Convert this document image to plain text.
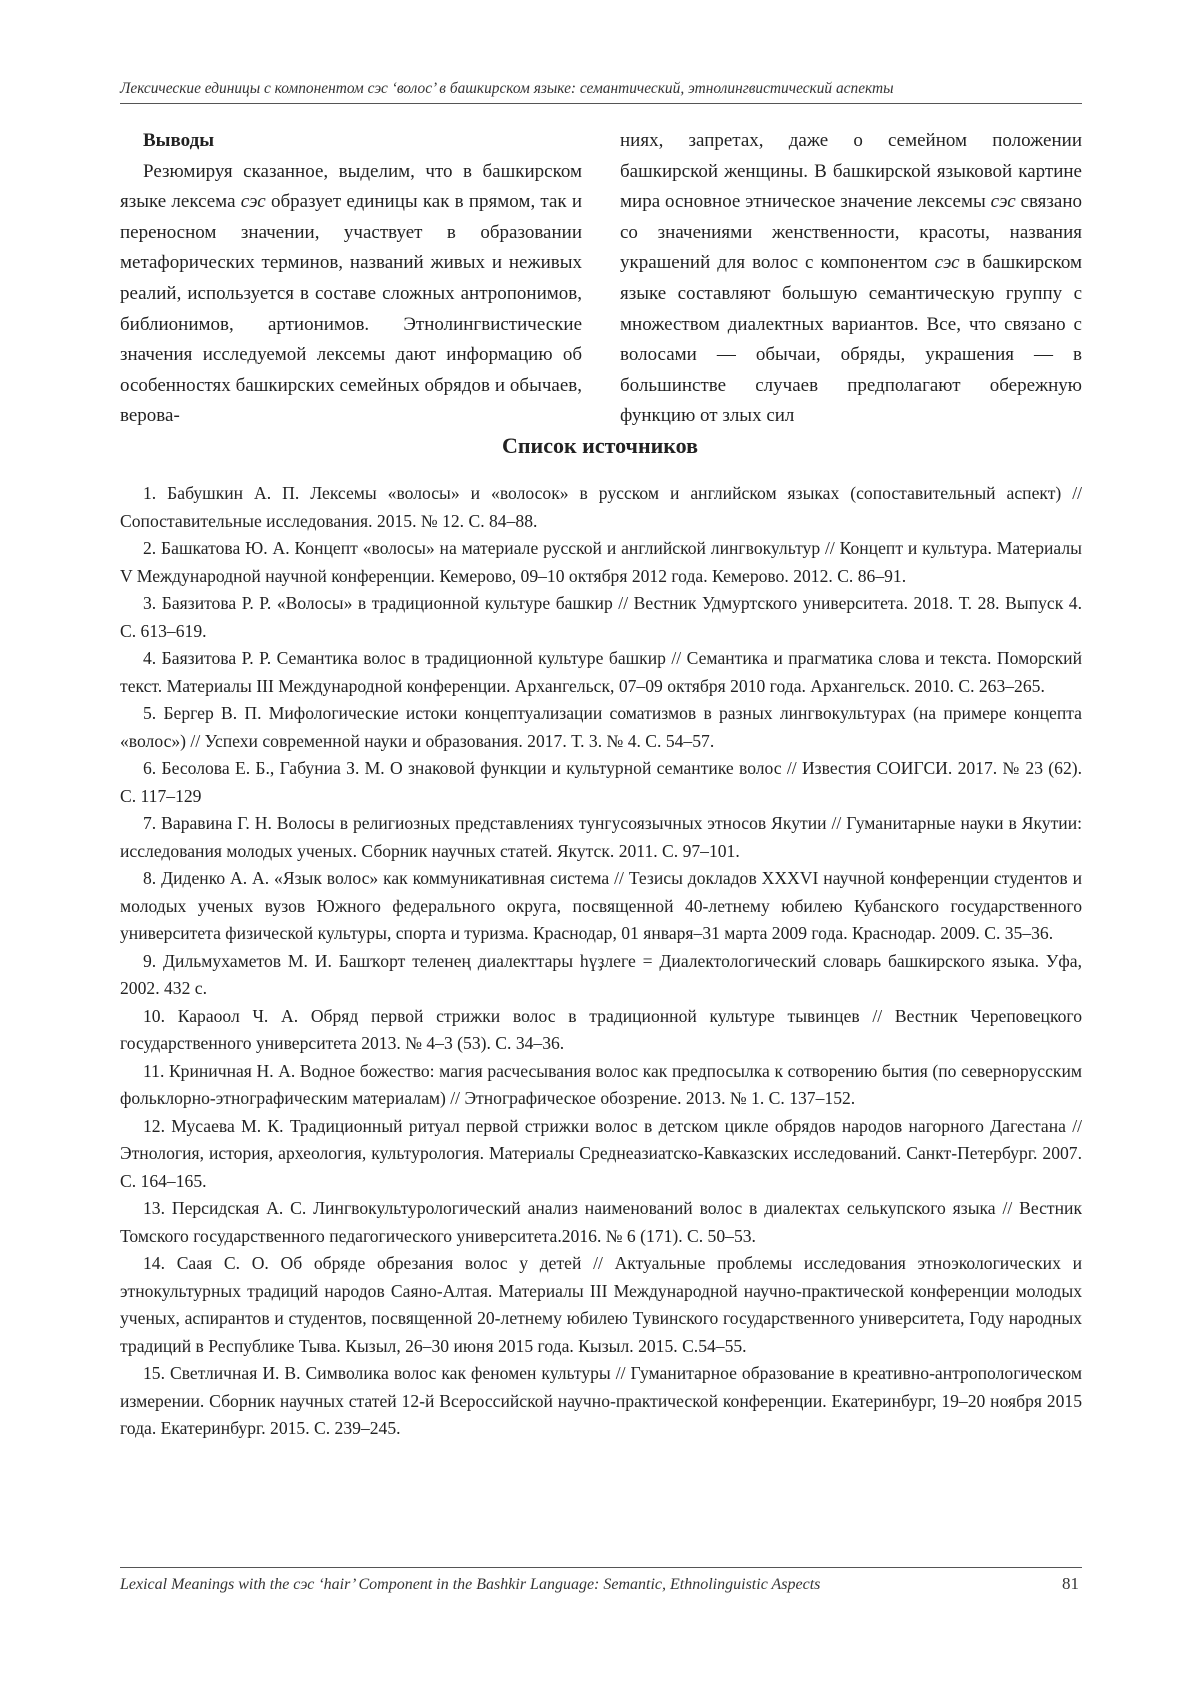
Лексические единицы с компонентом сэс ‘волос’ в башкирском языке: семантический, этнолингвистический аспекты

Выводы

Резюмируя сказанное, выделим, что в башкирском языке лексема сэс образует единицы как в прямом, так и переносном значении, участвует в образовании метафорических терминов, названий живых и неживых реалий, используется в составе сложных антропонимов, библионимов, артионимов. Этнолингвистические значения исследуемой лексемы дают информацию об особенностях башкирских семейных обрядов и обычаев, верова-

ниях, запретах, даже о семейном положении башкирской женщины. В башкирской языковой картине мира основное этническое значение лексемы сэс связано со значениями женственности, красоты, названия украшений для волос с компонентом сэс в башкирском языке составляют большую семантическую группу с множеством диалектных вариантов. Все, что связано с волосами — обычаи, обряды, украшения — в большинстве случаев предполагают обережную функцию от злых сил

Список источников

1. Бабушкин А. П. Лексемы «волосы» и «волосок» в русском и английском языках (сопоставительный аспект) // Сопоставительные исследования. 2015. № 12. С. 84–88.

2. Башкатова Ю. А. Концепт «волосы» на материале русской и английской лингвокультур // Концепт и культура. Материалы V Международной научной конференции. Кемерово, 09–10 октября 2012 года. Кемерово. 2012. С. 86–91.

3. Баязитова Р. Р. «Волосы» в традиционной культуре башкир // Вестник Удмуртского университета. 2018. Т. 28. Выпуск 4. С. 613–619.

4. Баязитова Р. Р. Семантика волос в традиционной культуре башкир // Семантика и прагматика слова и текста. Поморский текст. Материалы III Международной конференции. Архангельск, 07–09 октября 2010 года. Архангельск. 2010. С. 263–265.

5. Бергер В. П. Мифологические истоки концептуализации соматизмов в разных лингвокультурах (на примере концепта «волос») // Успехи современной науки и образования. 2017. Т. 3. № 4. С. 54–57.

6. Бесолова Е. Б., Габуниа З. М. О знаковой функции и культурной семантике волос // Известия СОИГСИ. 2017. № 23 (62). С. 117–129

7. Варавина Г. Н. Волосы в религиозных представлениях тунгусоязычных этносов Якутии // Гуманитарные науки в Якутии: исследования молодых ученых. Сборник научных статей. Якутск. 2011. С. 97–101.

8. Диденко А. А. «Язык волос» как коммуникативная система // Тезисы докладов XXXVI научной конференции студентов и молодых ученых вузов Южного федерального округа, посвященной 40-летнему юбилею Кубанского государственного университета физической культуры, спорта и туризма. Краснодар, 01 января–31 марта 2009 года. Краснодар. 2009. С. 35–36.

9. Дильмухаметов М. И. Башҡорт теленең диалекттары һүҙлеге = Диалектологический словарь башкирского языка. Уфа, 2002. 432 с.

10. Караоол Ч. А. Обряд первой стрижки волос в традиционной культуре тывинцев // Вестник Череповецкого государственного университета 2013. № 4–3 (53). С. 34–36.

11. Криничная Н. А. Водное божество: магия расчесывания волос как предпосылка к сотворению бытия (по севернорусским фольклорно-этнографическим материалам) // Этнографическое обозрение. 2013. № 1. С. 137–152.

12. Мусаева М. К. Традиционный ритуал первой стрижки волос в детском цикле обрядов народов нагорного Дагестана // Этнология, история, археология, культурология. Материалы Среднеазиатско-Кавказских исследований. Санкт-Петербург. 2007. С. 164–165.

13. Персидская А. С. Лингвокультурологический анализ наименований волос в диалектах селькупского языка // Вестник Томского государственного педагогического университета.2016. № 6 (171). С. 50–53.

14. Саая С. О. Об обряде обрезания волос у детей // Актуальные проблемы исследования этноэкологических и этнокультурных традиций народов Саяно-Алтая. Материалы III Международной научно-практической конференции молодых ученых, аспирантов и студентов, посвященной 20-летнему юбилею Тувинского государственного университета, Году народных традиций в Республике Тыва. Кызыл, 26–30 июня 2015 года. Кызыл. 2015. С.54–55.

15. Светличная И. В. Символика волос как феномен культуры // Гуманитарное образование в креативно-антропологическом измерении. Сборник научных статей 12-й Всероссийской научно-практической конференции. Екатеринбург, 19–20 ноября 2015 года. Екатеринбург. 2015. С. 239–245.

Lexical Meanings with the сэс ‘hair’ Component in the Bashkir Language: Semantic, Ethnolinguistic Aspects	81
